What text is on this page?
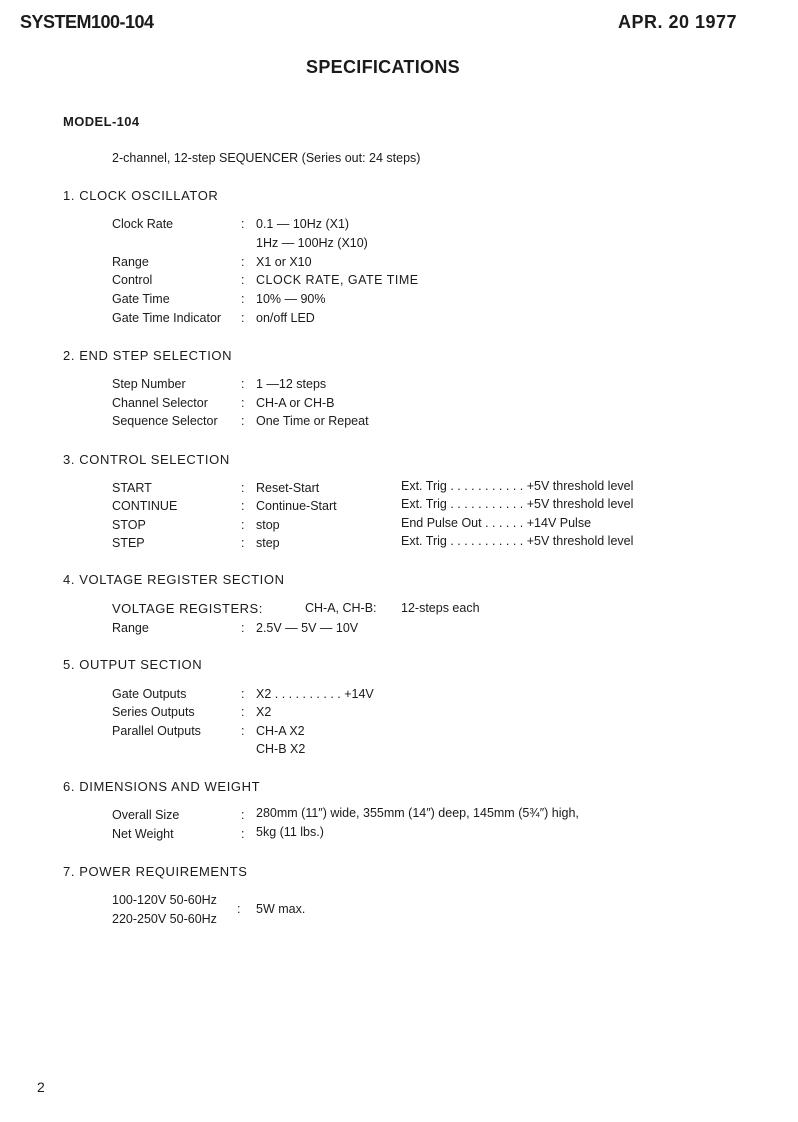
SYSTEM100-104	APR. 20 1977
SPECIFICATIONS
MODEL-104
2-channel, 12-step SEQUENCER (Series out: 24 steps)
1. CLOCK OSCILLATOR
Clock Rate	: 0.1 — 10Hz (X1)
1Hz — 100Hz (X10)
Range	: X1 or X10
Control	: CLOCK RATE, GATE TIME
Gate Time	: 10% — 90%
Gate Time Indicator : on/off LED
2. END STEP SELECTION
Step Number	: 1 —12 steps
Channel Selector	: CH-A or CH-B
Sequence Selector : One Time or Repeat
3. CONTROL SELECTION
START	: Reset-Start	Ext. Trig . . . . . . . . . . . +5V threshold level
CONTINUE	: Continue-Start	Ext. Trig . . . . . . . . . . . +5V threshold level
STOP	: stop	End Pulse Out . . . . . . +14V Pulse
STEP	: step	Ext. Trig . . . . . . . . . . . +5V threshold level
4. VOLTAGE REGISTER SECTION
VOLTAGE REGISTERS:	CH-A, CH-B: 12-steps each
Range	: 2.5V — 5V — 10V
5. OUTPUT SECTION
Gate Outputs	: X2 . . . . . . . . . . +14V
Series Outputs	: X2
Parallel Outputs	: CH-A X2
CH-B X2
6. DIMENSIONS AND WEIGHT
Overall Size	: 280mm (11″) wide, 355mm (14″) deep, 145mm (5¾″) high,
Net Weight	: 5kg (11 lbs.)
7. POWER REQUIREMENTS
100-120V 50-60Hz
220-250V 50-60Hz
: 5W max.
2
